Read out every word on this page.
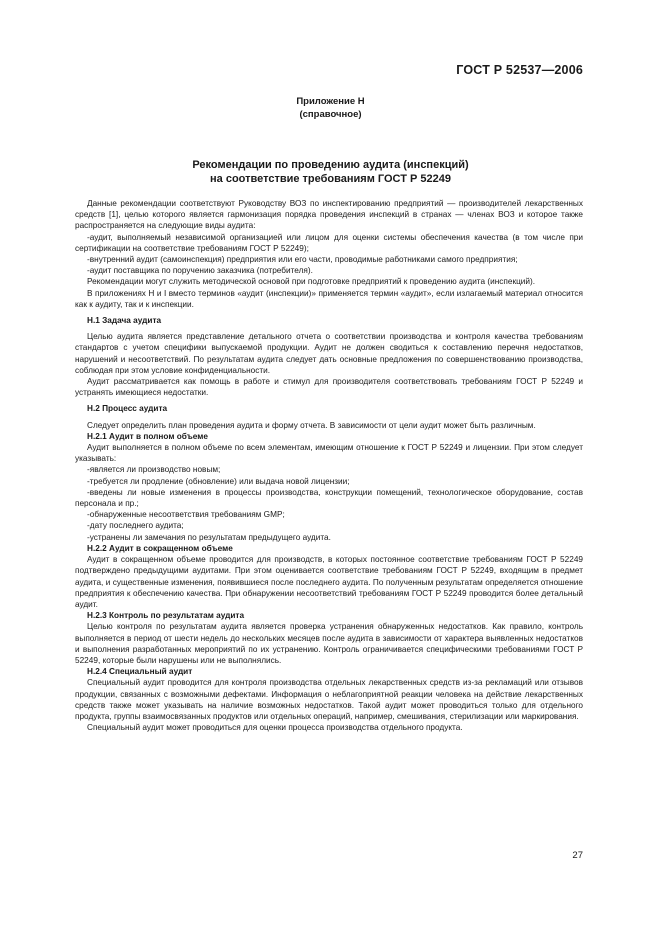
ГОСТ Р 52537—2006
Приложение Н
(справочное)
Рекомендации по проведению аудита (инспекций)
на соответствие требованиям ГОСТ Р 52249

Данные рекомендации соответствуют Руководству ВОЗ по инспектированию предприятий — производителей лекарственных средств [1], целью которого является гармонизация порядка проведения инспекций в странах — членах ВОЗ и которое также распространяется на следующие виды аудита:

-аудит, выполняемый независимой организацией или лицом для оценки системы обеспечения качества (в том числе при сертификации на соответствие требованиям ГОСТ Р 52249);

-внутренний аудит (самоинспекция) предприятия или его части, проводимые работниками самого предприятия;

-аудит поставщика по поручению заказчика (потребителя).

Рекомендации могут служить методической основой при подготовке предприятий к проведению аудита (инспекций).

В приложениях Н и I вместо терминов «аудит (инспекции)» применяется термин «аудит», если излагаемый материал относится как к аудиту, так и к инспекции.

Н.1 Задача аудита

Целью аудита является представление детального отчета о соответствии производства и контроля качества требованиям стандартов с учетом специфики выпускаемой продукции. Аудит не должен сводиться к составлению перечня недостатков, нарушений и несоответствий. По результатам аудита следует дать основные предложения по совершенствованию производства, соблюдая при этом условие конфиденциальности.

Аудит рассматривается как помощь в работе и стимул для производителя соответствовать требованиям ГОСТ Р 52249 и устранять имеющиеся недостатки.

Н.2 Процесс аудита

Следует определить план проведения аудита и форму отчета. В зависимости от цели аудит может быть различным.

Н.2.1 Аудит в полном объеме

Аудит выполняется в полном объеме по всем элементам, имеющим отношение к ГОСТ Р 52249 и лицензии. При этом следует указывать:

-является ли производство новым;

-требуется ли продление (обновление) или выдача новой лицензии;

-введены ли новые изменения в процессы производства, конструкции помещений, технологическое оборудование, состав персонала и пр.;

-обнаруженные несоответствия требованиям GMP;

-дату последнего аудита;

-устранены ли замечания по результатам предыдущего аудита.

Н.2.2 Аудит в сокращенном объеме

Аудит в сокращенном объеме проводится для производств, в которых постоянное соответствие требованиям ГОСТ Р 52249 подтверждено предыдущими аудитами. При этом оценивается соответствие требованиям ГОСТ Р 52249, входящим в предмет аудита, и существенные изменения, появившиеся после последнего аудита. По полученным результатам определяется отношение предприятия к обеспечению качества. При обнаружении несоответствий требованиям ГОСТ Р 52249 проводится более детальный аудит.

Н.2.3 Контроль по результатам аудита

Целью контроля по результатам аудита является проверка устранения обнаруженных недостатков. Как правило, контроль выполняется в период от шести недель до нескольких месяцев после аудита в зависимости от характера выявленных недостатков и выполнения разработанных мероприятий по их устранению. Контроль ограничивается специфическими требованиями ГОСТ Р 52249, которые были нарушены или не выполнялись.

Н.2.4 Специальный аудит

Специальный аудит проводится для контроля производства отдельных лекарственных средств из-за рекламаций или отзывов продукции, связанных с возможными дефектами. Информация о неблагоприятной реакции человека на действие лекарственных средств также может указывать на наличие возможных недостатков. Такой аудит может проводиться только для отдельного продукта, группы взаимосвязанных продуктов или отдельных операций, например, смешивания, стерилизации или маркирования.

Специальный аудит может проводиться для оценки процесса производства отдельного продукта.

27
